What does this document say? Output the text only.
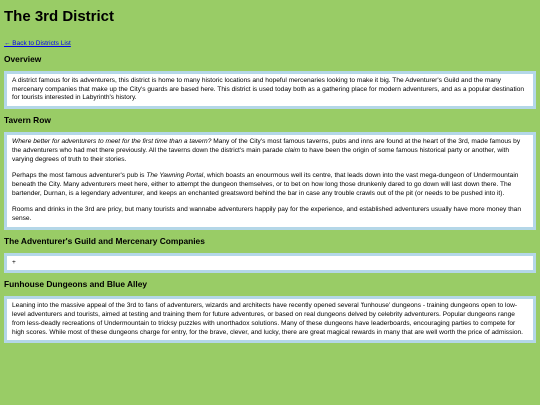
The 3rd District
← Back to Districts List
Overview

A district famous for its adventurers, this district is home to many historic locations and hopeful mercenaries looking to make it big. The Adventurer's Guild and the many mercenary companies that make up the City's guards are based here. This district is used today both as a gathering place for modern adventurers, and as a popular destination for tourists interested in Labyrinth's history.

Tavern Row

Where better for adventurers to meet for the first time than a tavern? Many of the City's most famous taverns, pubs and inns are found at the heart of the 3rd, made famous by the adventurers who had met there previously. All the taverns down the district's main parade claim to have been the origin of some famous historical party or another, with varying degrees of truth to their stories.

Perhaps the most famous adventurer's pub is The Yawning Portal, which boasts an enourmous well its centre, that leads down into the vast mega-dungeon of Undermountain beneath the City. Many adventurers meet here, either to attempt the dungeon themselves, or to bet on how long those drunkenly dared to go down will last down there. The bartender, Durnan, is a legendary adventurer, and keeps an enchanted greatsword behind the bar in case any trouble crawls out of the pit (or needs to be pushed into it).

Rooms and drinks in the 3rd are pricy, but many tourists and wannabe adventurers happily pay for the experience, and established adventurers usually have more money than sense.

The Adventurer's Guild and Mercenary Companies

+

Funhouse Dungeons and Blue Alley

Leaning into the massive appeal of the 3rd to fans of adventurers, wizards and architects have recently opened several 'funhouse' dungeons - training dungeons open to low-level adventurers and tourists, aimed at testing and training them for future adventures, or based on real dungeons delved by celebrity adventurers. Popular dungeons range from less-deadly recreations of Undermountain to tricksy puzzles with unorthadox solutions. Many of these dungeons have leaderboards, encouraging parties to compete for high scores. While most of these dungeons charge for entry, for the brave, clever, and lucky, there are great magical rewards in many that are well worth the price of admission.
